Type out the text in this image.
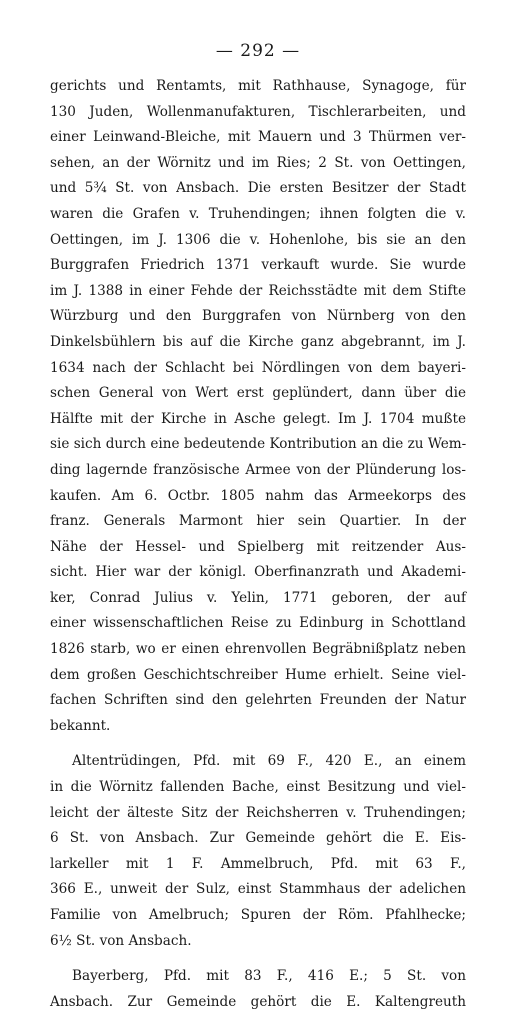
— 292 —
gerichts und Rentamts, mit Rathhause, Synagoge, für
130 Juden, Wollenmanufakturen, Tischlerarbeiten, und
einer Leinwand-Bleiche, mit Mauern und 3 Thürmen ver-
sehen, an der Wörnitz und im Ries; 2 St. von Oettingen,
und 5¾ St. von Ansbach. Die ersten Besitzer der Stadt
waren die Grafen v. Truhendingen; ihnen folgten die v.
Oettingen, im J. 1306 die v. Hohenlohe, bis sie an den
Burggrafen Friedrich 1371 verkauft wurde. Sie wurde
im J. 1388 in einer Fehde der Reichsstädte mit dem Stifte
Würzburg und den Burggrafen von Nürnberg von den
Dinkelsbühlern bis auf die Kirche ganz abgebrannt, im J.
1634 nach der Schlacht bei Nördlingen von dem bayeri-
schen General von Wert erst geplündert, dann über die
Hälfte mit der Kirche in Asche gelegt. Im J. 1704 mußte
sie sich durch eine bedeutende Kontribution an die zu Wem-
ding lagernde französische Armee von der Plünderung los-
kaufen. Am 6. Octbr. 1805 nahm das Armeekorps des
franz. Generals Marmont hier sein Quartier. In der
Nähe der Hessel- und Spielberg mit reitzender Aus-
sicht. Hier war der königl. Oberfinanzrath und Akademi-
ker, Conrad Julius v. Yelin, 1771 geboren, der auf
einer wissenschaftlichen Reise zu Edinburg in Schottland
1826 starb, wo er einen ehrenvollen Begräbnißplatz neben
dem großen Geschichtschreiber Hume erhielt. Seine viel-
fachen Schriften sind den gelehrten Freunden der Natur
bekannt.
Altentrüdingen, Pfd. mit 69 F., 420 E., an einem
in die Wörnitz fallenden Bache, einst Besitzung und viel-
leicht der älteste Sitz der Reichsherren v. Truhendingen;
6 St. von Ansbach. Zur Gemeinde gehört die E. Eis-
larkeller mit 1 F. Ammelbruch, Pfd. mit 63 F.,
366 E., unweit der Sulz, einst Stammhaus der adelichen
Familie von Amelbruch; Spuren der Röm. Pfahlhecke;
6½ St. von Ansbach.
Bayerberg, Pfd. mit 83 F., 416 E.; 5 St. von
Ansbach. Zur Gemeinde gehört die E. Kaltengreuth
